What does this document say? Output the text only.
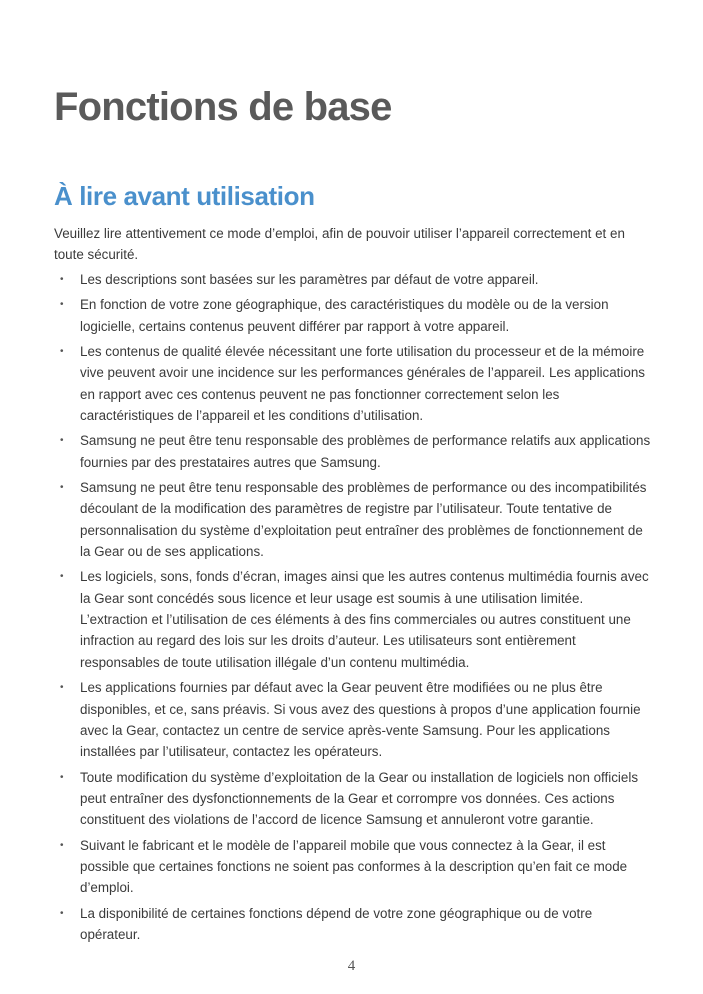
Fonctions de base
À lire avant utilisation

Veuillez lire attentivement ce mode d’emploi, afin de pouvoir utiliser l’appareil correctement et en toute sécurité.

• Les descriptions sont basées sur les paramètres par défaut de votre appareil.
• En fonction de votre zone géographique, des caractéristiques du modèle ou de la version logicielle, certains contenus peuvent différer par rapport à votre appareil.
• Les contenus de qualité élevée nécessitant une forte utilisation du processeur et de la mémoire vive peuvent avoir une incidence sur les performances générales de l’appareil. Les applications en rapport avec ces contenus peuvent ne pas fonctionner correctement selon les caractéristiques de l’appareil et les conditions d’utilisation.
• Samsung ne peut être tenu responsable des problèmes de performance relatifs aux applications fournies par des prestataires autres que Samsung.
• Samsung ne peut être tenu responsable des problèmes de performance ou des incompatibilités découlant de la modification des paramètres de registre par l’utilisateur. Toute tentative de personnalisation du système d’exploitation peut entraîner des problèmes de fonctionnement de la Gear ou de ses applications.
• Les logiciels, sons, fonds d’écran, images ainsi que les autres contenus multimédia fournis avec la Gear sont concédés sous licence et leur usage est soumis à une utilisation limitée. L’extraction et l’utilisation de ces éléments à des fins commerciales ou autres constituent une infraction au regard des lois sur les droits d’auteur. Les utilisateurs sont entièrement responsables de toute utilisation illégale d’un contenu multimédia.
• Les applications fournies par défaut avec la Gear peuvent être modifiées ou ne plus être disponibles, et ce, sans préavis. Si vous avez des questions à propos d’une application fournie avec la Gear, contactez un centre de service après-vente Samsung. Pour les applications installées par l’utilisateur, contactez les opérateurs.
• Toute modification du système d’exploitation de la Gear ou installation de logiciels non officiels peut entraîner des dysfonctionnements de la Gear et corrompre vos données. Ces actions constituent des violations de l’accord de licence Samsung et annuleront votre garantie.
• Suivant le fabricant et le modèle de l’appareil mobile que vous connectez à la Gear, il est possible que certaines fonctions ne soient pas conformes à la description qu’en fait ce mode d’emploi.
• La disponibilité de certaines fonctions dépend de votre zone géographique ou de votre opérateur.
4
